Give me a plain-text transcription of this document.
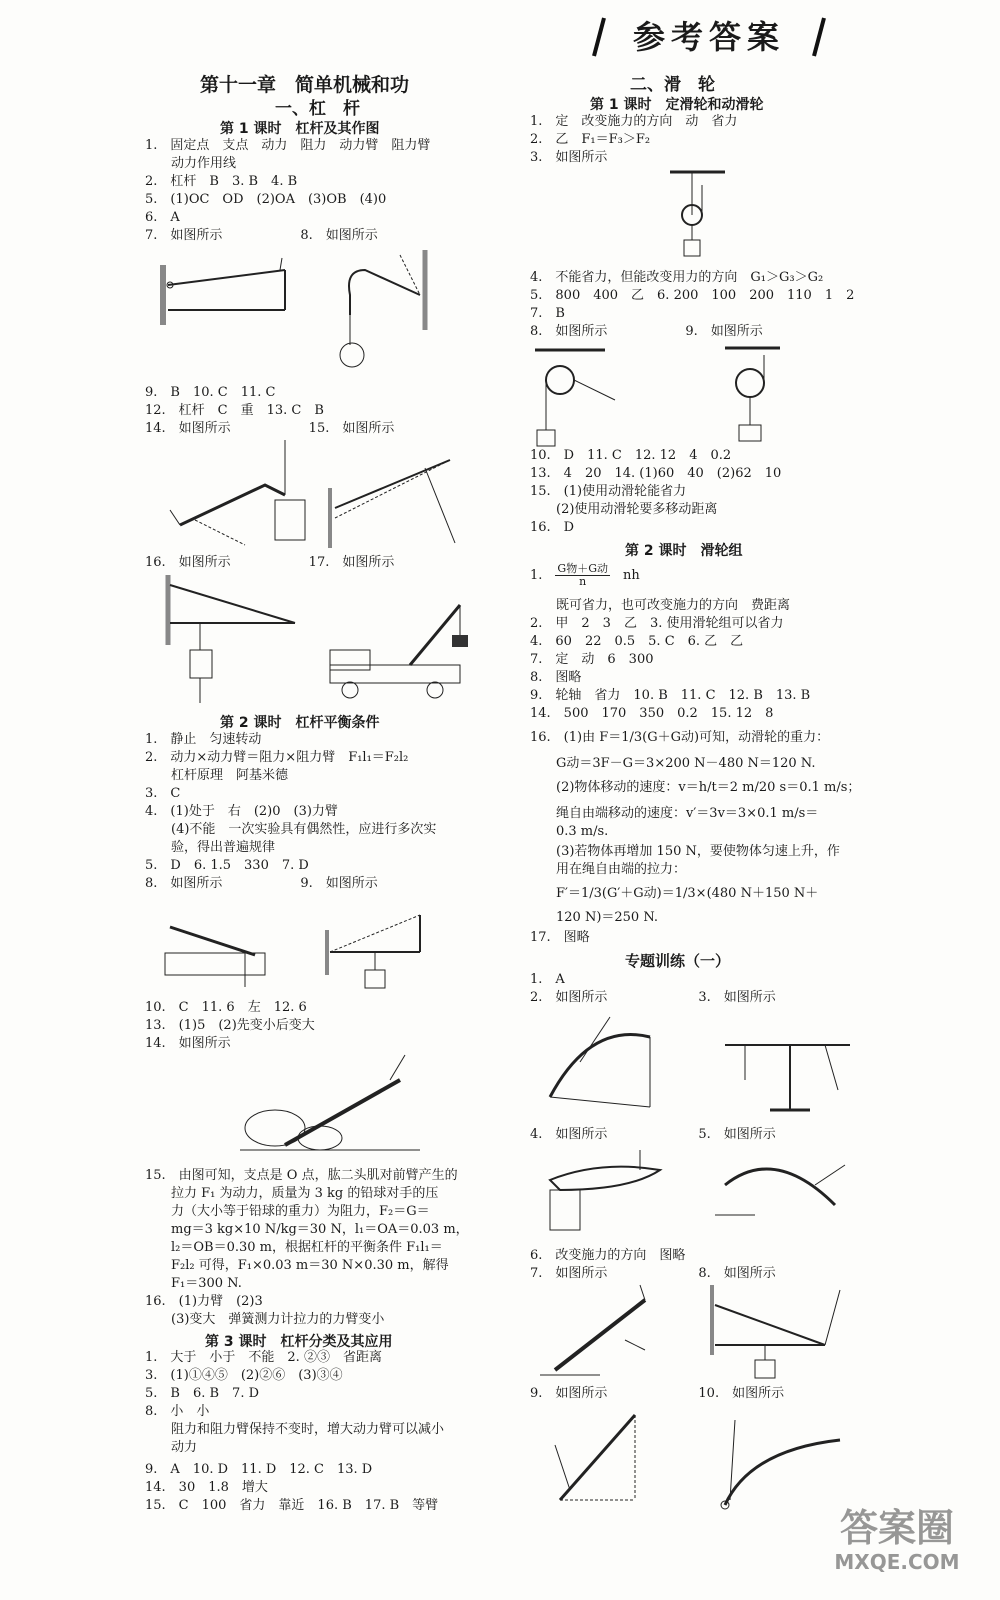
参考答案
第十一章　简单机械和功
一、杠　杆
第 1 课时　杠杆及其作图
1.　固定点　支点　动力　阻力　动力臂　阻力臂
　　动力作用线
2.　杠杆　B　3. B　4. B
5.　(1)OC　OD　(2)OA　(3)OB　(4)0
6.　A
7.　如图所示　　　　　　8.　如图所示
9.　B　10. C　11. C
12.　杠杆　C　重　13. C　B
14.　如图所示　　　　　　15.　如图所示
16.　如图所示　　　　　　17.　如图所示
第 2 课时　杠杆平衡条件
1.　静止　匀速转动
2.　动力×动力臂＝阻力×阻力臂　F₁l₁＝F₂l₂
　　杠杆原理　阿基米德
3.　C
4.　(1)处于　右　(2)0　(3)力臂
　　(4)不能　一次实验具有偶然性，应进行多次实
　　验，得出普遍规律
5.　D　6. 1.5　330　7. D
8.　如图所示　　　　　　9.　如图所示
10.　C　11. 6　左　12. 6
13.　(1)5　(2)先变小后变大
14.　如图所示
15.　由图可知，支点是 O 点，肱二头肌对前臂产生的
　　拉力 F₁ 为动力，质量为 3 kg 的铅球对手的压
　　力（大小等于铅球的重力）为阻力，F₂＝G＝
　　mg＝3 kg×10 N/kg＝30 N，l₁＝OA＝0.03 m，
　　l₂＝OB＝0.30 m，根据杠杆的平衡条件 F₁l₁＝
　　F₂l₂ 可得，F₁×0.03 m＝30 N×0.30 m，解得
　　F₁＝300 N.
16.　(1)力臂　(2)3
　　(3)变大　弹簧测力计拉力的力臂变小
第 3 课时　杠杆分类及其应用
1.　大于　小于　不能　2. ②③　省距离
3.　(1)①④⑤　(2)②⑥　(3)③④
5.　B　6. B　7. D
8.　小　小
　　阻力和阻力臂保持不变时，增大动力臂可以减小
　　动力
9.　A　10. D　11. D　12. C　13. D
14.　30　1.8　增大
15.　C　100　省力　靠近　16. B　17. B　等臂
二、滑　轮
第 1 课时　定滑轮和动滑轮
1.　定　改变施力的方向　动　省力
2.　乙　F₁＝F₃＞F₂
3.　如图所示
4.　不能省力，但能改变用力的方向　G₁＞G₃＞G₂
5.　800　400　乙　6. 200　100　200　110　1　2
7.　B
8.　如图所示　　　　　　9.　如图所示
10.　D　11. C　12. 12　4　0.2
13.　4　20　14. (1)60　40　(2)62　10
15.　(1)使用动滑轮能省力
　　(2)使用动滑轮要多移动距离
16.　D
第 2 课时　滑轮组
1.　 $\frac{\text{G物＋G动}}{n}$
　 nh
　　既可省力，也可改变施力的方向　费距离
2.　甲　2　3　乙　3. 使用滑轮组可以省力
4.　60　22　0.5　5. C　6. 乙　乙
7.　定　动　6　300
8.　图略
9.　轮轴　省力　10. B　11. C　12. B　13. B
14.　500　170　350　0.2　15. 12　8
16.　(1)由 F＝1/3(G＋G动)可知，动滑轮的重力：
　　G动＝3F－G＝3×200 N－480 N＝120 N.
　　(2)物体移动的速度：v＝h/t＝2 m/20 s＝0.1 m/s；
　　绳自由端移动的速度：v′＝3v＝3×0.1 m/s＝
　　0.3 m/s.
　　(3)若物体再增加 150 N，要使物体匀速上升，作
　　用在绳自由端的拉力：
　　F′＝1/3(G′＋G动)＝1/3×(480 N＋150 N＋
　　120 N)＝250 N.
17.　图略
专题训练（一）
1.　A
2.　如图所示　　　　　　　3.　如图所示
4.　如图所示　　　　　　　5.　如图所示
6.　改变施力的方向　图略
7.　如图所示　　　　　　　8.　如图所示
9.　如图所示　　　　　　　10.　如图所示
答案圈
MXQE.COM
